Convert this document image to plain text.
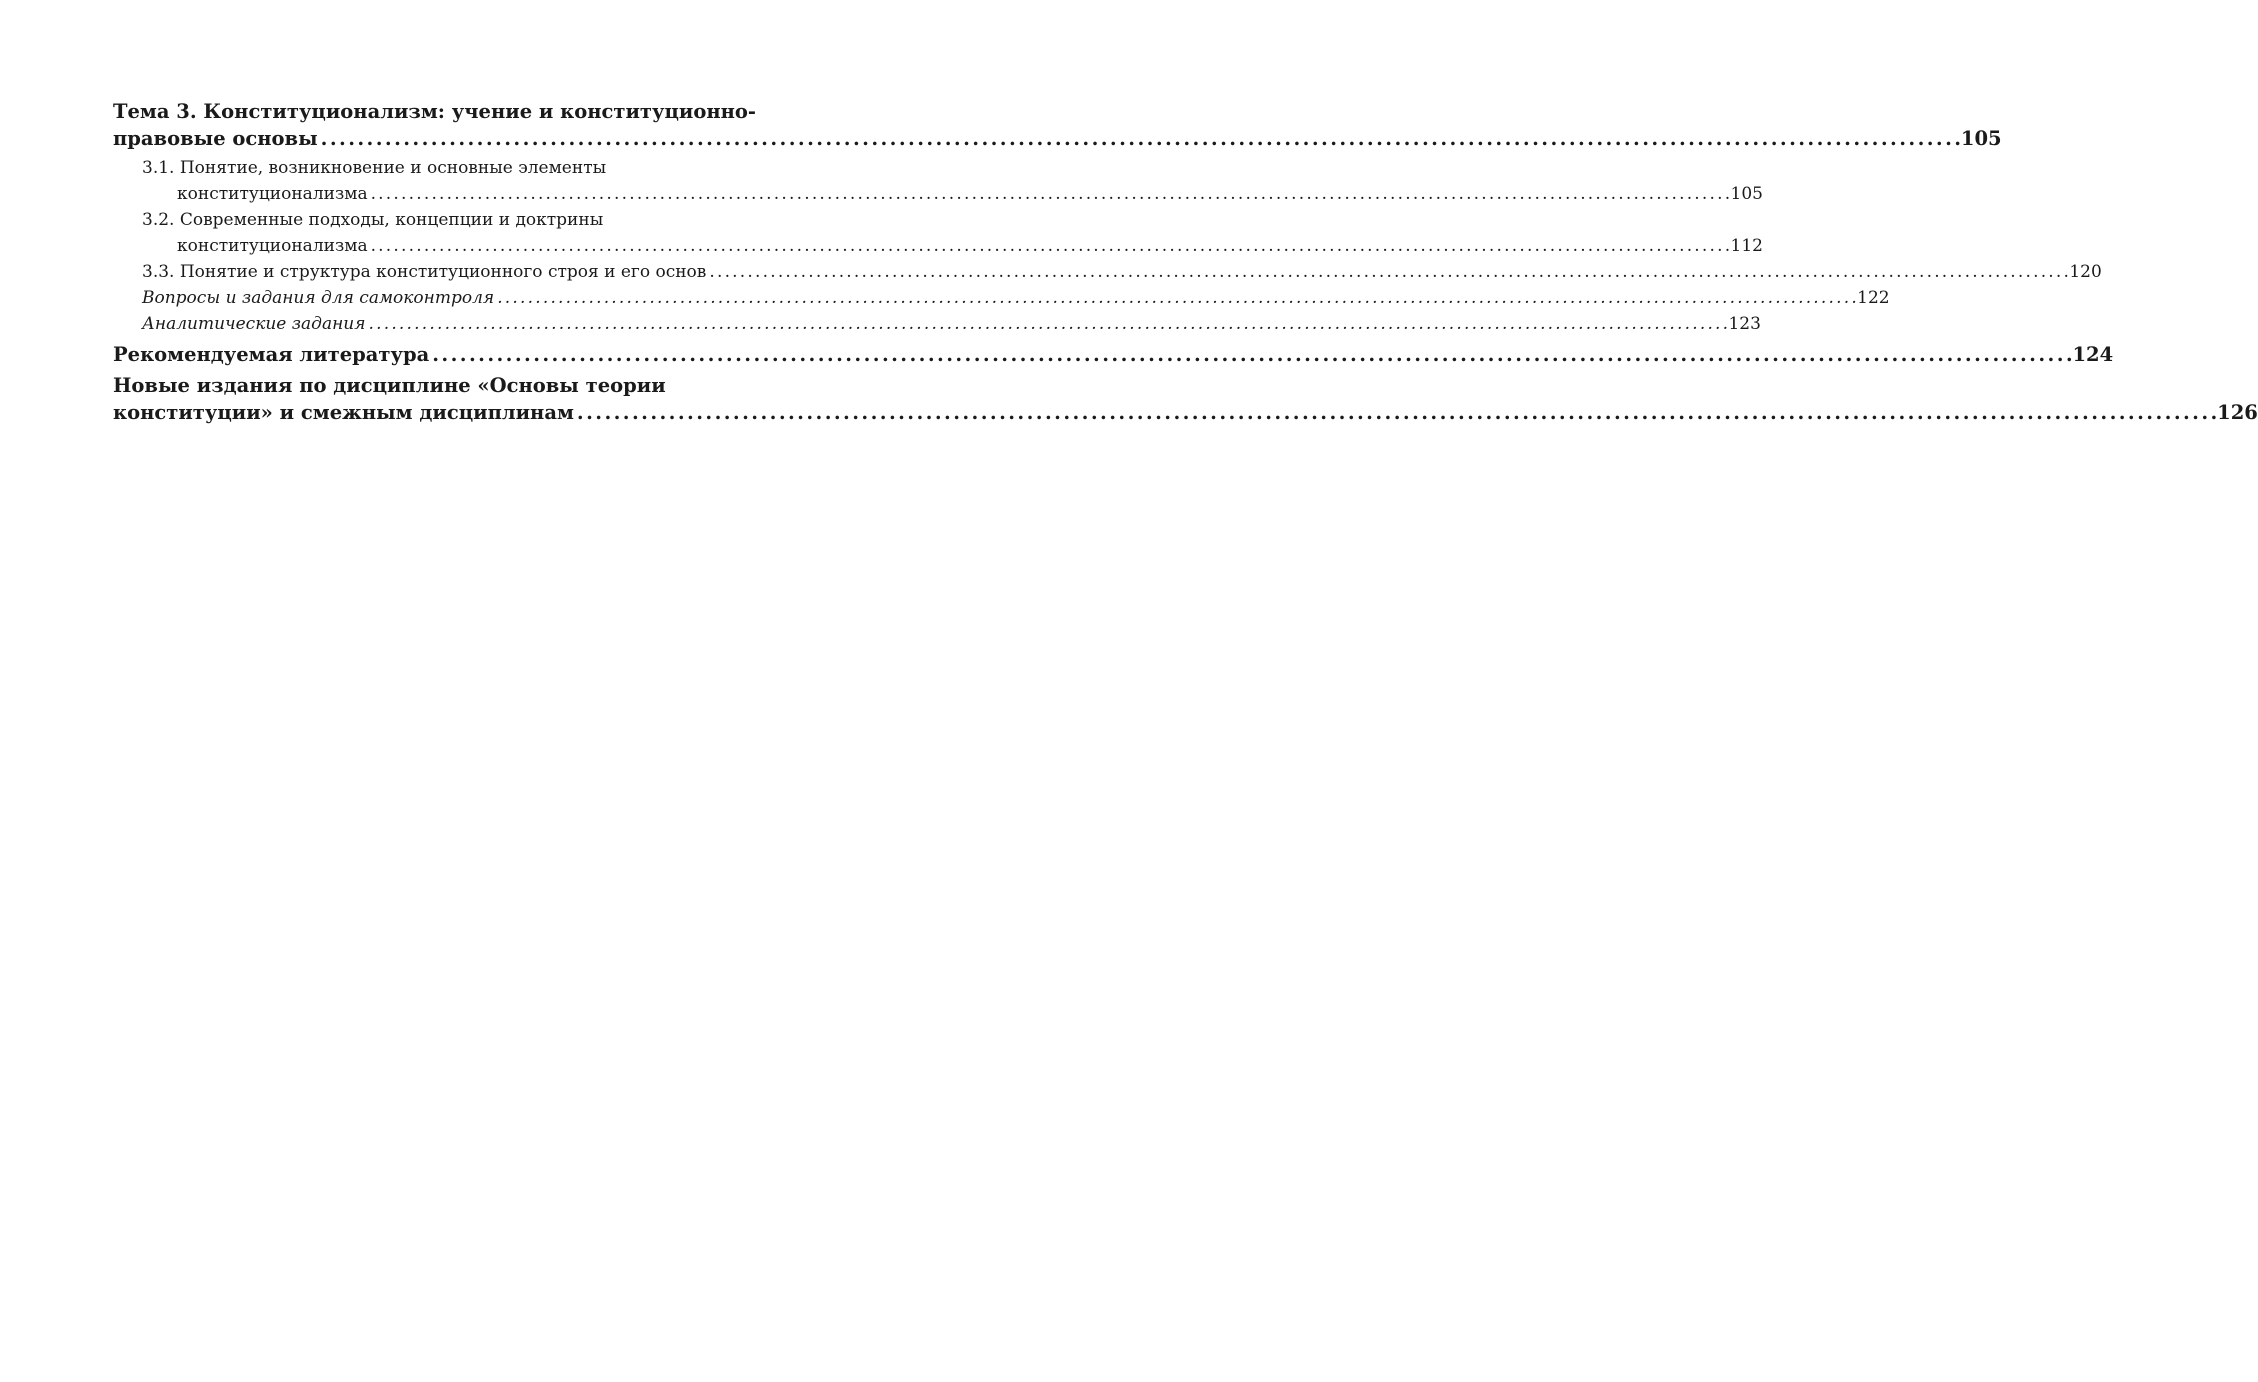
Тема 3. Конституционализм: учение и конституционно-
правовые основы . . .	105
3.1. Понятие, возникновение и основные элементы
конституционализма . . .	105
3.2. Современные подходы, концепции и доктрины
конституционализма . . .	112
3.3. Понятие и структура конституционного строя и его основ . . .	120
Вопросы и задания для самоконтроля . . .	122
Аналитические задания . . .	123
Рекомендуемая литература . . .	124
Новые издания по дисциплине «Основы теории
конституции» и смежным дисциплинам . . .	126
